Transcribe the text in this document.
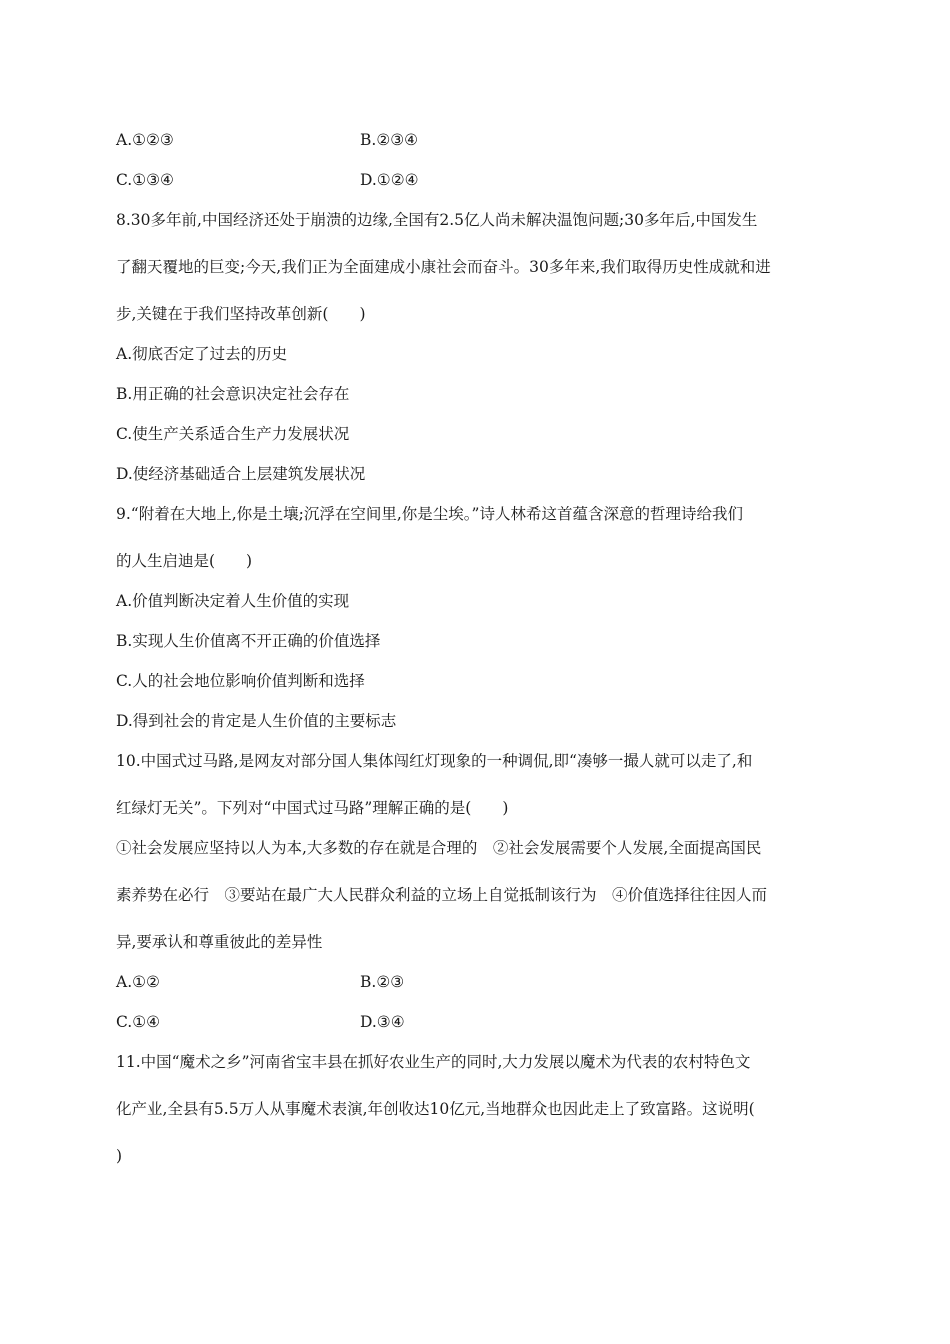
A.①②③	B.②③④
C.①③④	D.①②④
8.30多年前,中国经济还处于崩溃的边缘,全国有2.5亿人尚未解决温饱问题;30多年后,中国发生
了翻天覆地的巨变;今天,我们正为全面建成小康社会而奋斗。30多年来,我们取得历史性成就和进
步,关键在于我们坚持改革创新(　　)
A.彻底否定了过去的历史
B.用正确的社会意识决定社会存在
C.使生产关系适合生产力发展状况
D.使经济基础适合上层建筑发展状况
9.“附着在大地上,你是土壤;沉浮在空间里,你是尘埃。”诗人林希这首蕴含深意的哲理诗给我们
的人生启迪是(　　)
A.价值判断决定着人生价值的实现
B.实现人生价值离不开正确的价值选择
C.人的社会地位影响价值判断和选择
D.得到社会的肯定是人生价值的主要标志
10.中国式过马路,是网友对部分国人集体闯红灯现象的一种调侃,即“凑够一撮人就可以走了,和
红绿灯无关”。下列对“中国式过马路”理解正确的是(　　)
①社会发展应坚持以人为本,大多数的存在就是合理的　②社会发展需要个人发展,全面提高国民
素养势在必行　③要站在最广大人民群众利益的立场上自觉抵制该行为　④价值选择往往因人而
异,要承认和尊重彼此的差异性
A.①②	B.②③
C.①④	D.③④
11.中国“魔术之乡”河南省宝丰县在抓好农业生产的同时,大力发展以魔术为代表的农村特色文
化产业,全县有5.5万人从事魔术表演,年创收达10亿元,当地群众也因此走上了致富路。这说明(
)
